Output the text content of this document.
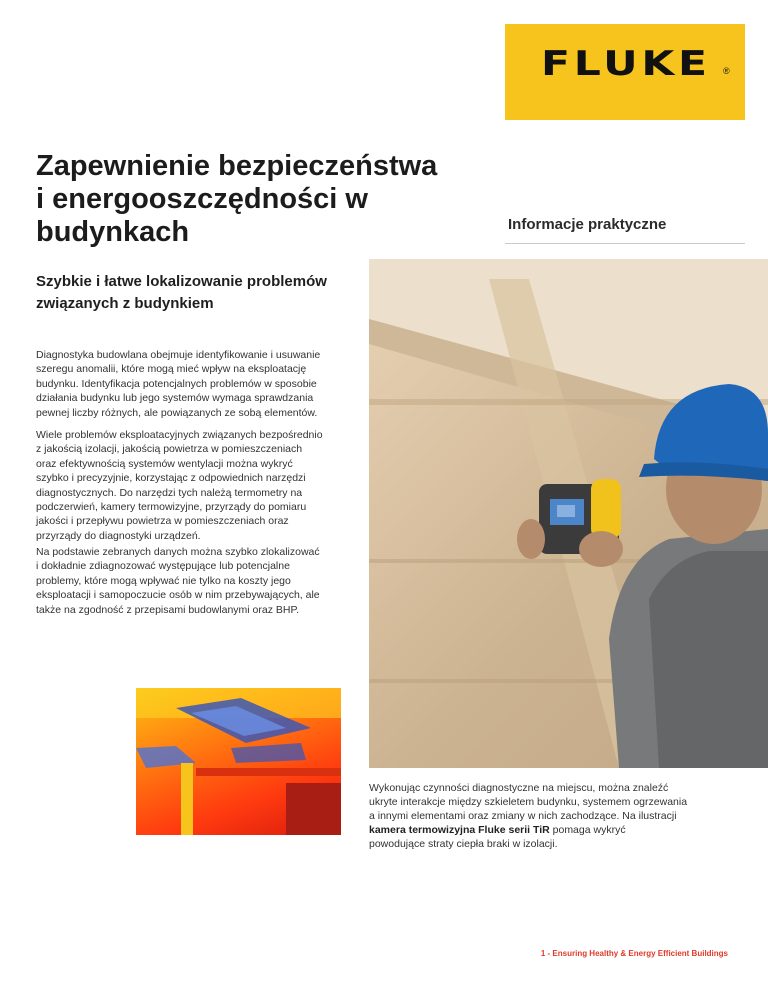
FLUKE ®
Zapewnienie bezpieczeństwa
i energooszczędności w
budynkach	Informacje praktyczne
Szybkie i łatwe lokalizowanie problemów
związanych z budynkiem

Diagnostyka budowlana obejmuje identyfikowanie i usuwanie
szeregu anomalii, które mogą mieć wpływ na eksploatację
budynku. Identyfikacja potencjalnych problemów w sposobie
działania budynku lub jego systemów wymaga sprawdzania
pewnej liczby różnych, ale powiązanych ze sobą elementów.

Wiele problemów eksploatacyjnych związanych bezpośrednio
z jakością izolacji, jakością powietrza w pomieszczeniach
oraz efektywnością systemów wentylacji można wykryć
szybko i precyzyjnie, korzystając z odpowiednich narzędzi
diagnostycznych. Do narzędzi tych należą termometry na
podczerwień, kamery termowizyjne, przyrządy do pomiaru
jakości i przepływu powietrza w pomieszczeniach oraz
przyrządy do diagnostyki urządzeń.

Na podstawie zebranych danych można szybko zlokalizować
i dokładnie zdiagnozować występujące lub potencjalne
problemy, które mogą wpływać nie tylko na koszty jego
eksploatacji i samopoczucie osób w nim przebywających, ale
także na zgodność z przepisami budowlanymi oraz BHP.

Wykonując czynności diagnostyczne na miejscu, można znaleźć
ukryte interakcje między szkieletem budynku, systemem ogrzewania
a innymi elementami oraz zmiany w nich zachodzące. Na ilustracji
kamera termowizyjna Fluke serii TiR pomaga wykryć
powodujące straty ciepła braki w izolacji.

1 - Ensuring Healthy & Energy Efficient Buildings
